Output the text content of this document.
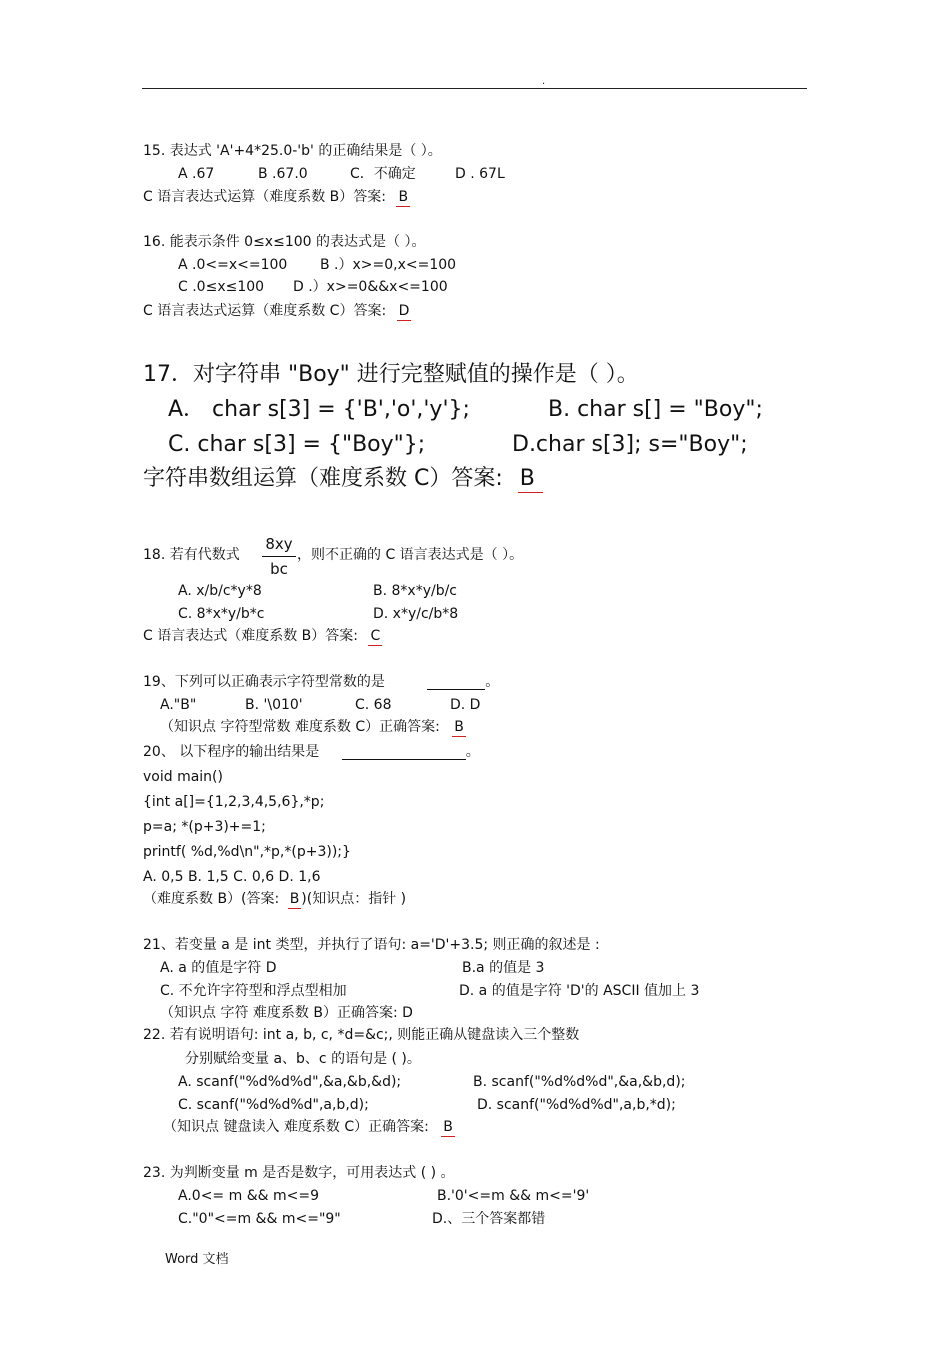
.
15. 表达式 'A'+4*25.0-'b' 的正确结果是（ ）。
A .67	B .67.0	C．不确定	D . 67L
C 语言表达式运算（难度系数 B）答案: B
16. 能表示条件 0≤x≤100 的表达式是（ ）。
A .0<=x<=100 B .）x>=0,x<=100
C .0≤x≤100 D .）x>=0&&x<=100
C 语言表达式运算（难度系数 C）答案: D
17．对字符串 "Boy" 进行完整赋值的操作是（ ）。
A． char s[3] = {'B','o','y'};	B. char s[] = "Boy";
C. char s[3] = {"Boy"};	D.char s[3]; s="Boy";
字符串数组运算（难度系数 C）答案: B
18. 若有代数式
8xy
bc
，则不正确的 C 语言表达式是（ ）。
A. x/b/c*y*8	B. 8*x*y/b/c
C. 8*x*y/b*c	D. x*y/c/b*8
C 语言表达式（难度系数 B）答案: C
19、下列可以正确表示字符型常数的是	。
A."B"	B. '\010'	C. 68	D. D
（知识点 字符型常数 难度系数 C）正确答案: B
20、 以下程序的输出结果是	。
void main()
{int a[]={1,2,3,4,5,6},*p;
p=a; *(p+3)+=1;
printf( %d,%d\n",*p,*(p+3));}
A. 0,5 B. 1,5 C. 0,6 D. 1,6
（难度系数 B）(答案: B )(知识点：指针 )
21、若变量 a 是 int 类型，并执行了语句: a='D'+3.5; 则正确的叙述是 :
A. a 的值是字符 D	B.a 的值是 3
C. 不允许字符型和浮点型相加	D. a 的值是字符 'D'的 ASCII 值加上 3
（知识点 字符 难度系数 B）正确答案: D
22. 若有说明语句: int a, b, c, *d=&c;, 则能正确从键盘读入三个整数
分别赋给变量 a、b、c 的语句是 ( )。
A. scanf("%d%d%d",&a,&b,&d);	B. scanf("%d%d%d",&a,&b,d);
C. scanf("%d%d%d",a,b,d);	D. scanf("%d%d%d",a,b,*d);
（知识点 键盘读入 难度系数 C）正确答案: B
23. 为判断变量 m 是否是数字，可用表达式 ( ) 。
A.0<= m && m<=9	B.'0'<=m && m<='9'
C."0"<=m && m<="9"	D.、三个答案都错
Word 文档
